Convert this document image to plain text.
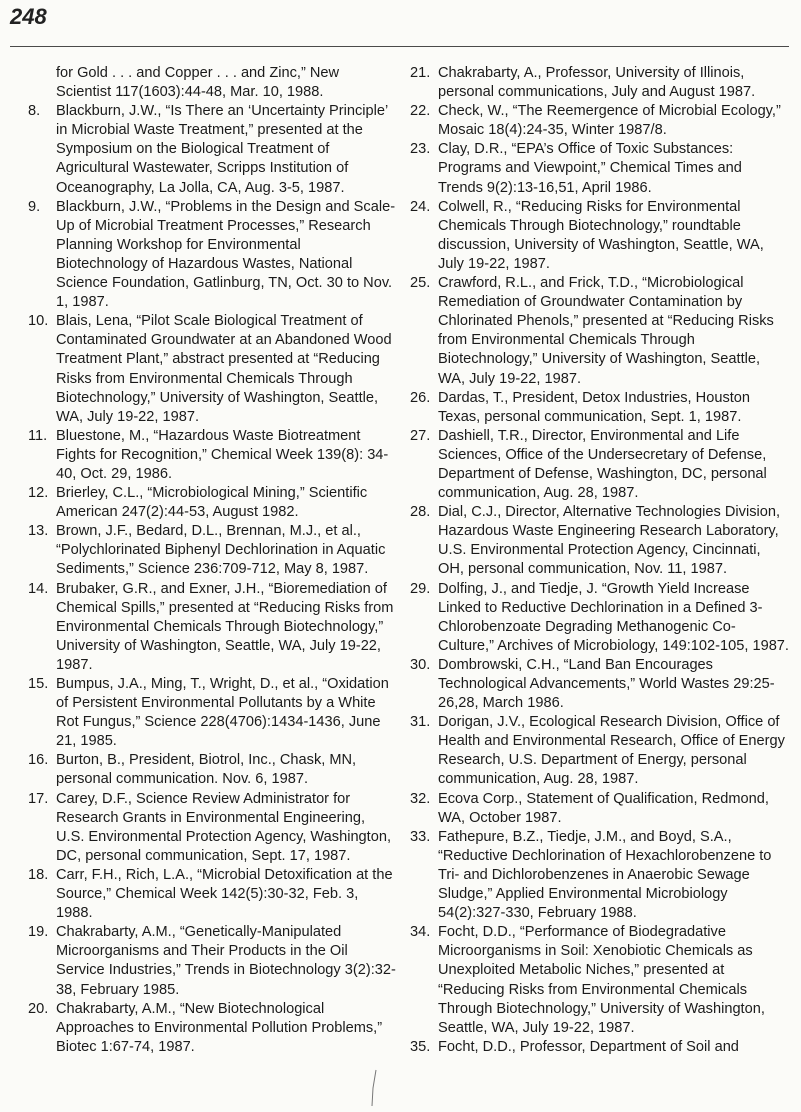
248
for Gold . . . and Copper . . . and Zinc,” New Scientist 117(1603):44-48, Mar. 10, 1988.
8.	Blackburn, J.W., “Is There an ‘Uncertainty Principle’ in Microbial Waste Treatment,” presented at the Symposium on the Biological Treatment of Agricultural Wastewater, Scripps Institution of Oceanography, La Jolla, CA, Aug. 3-5, 1987.
9.	Blackburn, J.W., “Problems in the Design and Scale-Up of Microbial Treatment Processes,” Research Planning Workshop for Environmental Biotechnology of Hazardous Wastes, National Science Foundation, Gatlinburg, TN, Oct. 30 to Nov. 1, 1987.
10. Blais, Lena, “Pilot Scale Biological Treatment of Contaminated Groundwater at an Abandoned Wood Treatment Plant,” abstract presented at “Reducing Risks from Environmental Chemicals Through Biotechnology,” University of Washington, Seattle, WA, July 19-22, 1987.
11. Bluestone, M., “Hazardous Waste Biotreatment Fights for Recognition,” Chemical Week 139(8): 34-40, Oct. 29, 1986.
12. Brierley, C.L., “Microbiological Mining,” Scientific American 247(2):44-53, August 1982.
13. Brown, J.F., Bedard, D.L., Brennan, M.J., et al., “Polychlorinated Biphenyl Dechlorination in Aquatic Sediments,” Science 236:709-712, May 8, 1987.
14. Brubaker, G.R., and Exner, J.H., “Bioremediation of Chemical Spills,” presented at “Reducing Risks from Environmental Chemicals Through Biotechnology,” University of Washington, Seattle, WA, July 19-22, 1987.
15. Bumpus, J.A., Ming, T., Wright, D., et al., “Oxidation of Persistent Environmental Pollutants by a White Rot Fungus,” Science 228(4706):1434-1436, June 21, 1985.
16. Burton, B., President, Biotrol, Inc., Chask, MN, personal communication. Nov. 6, 1987.
17. Carey, D.F., Science Review Administrator for Research Grants in Environmental Engineering, U.S. Environmental Protection Agency, Washington, DC, personal communication, Sept. 17, 1987.
18. Carr, F.H., Rich, L.A., “Microbial Detoxification at the Source,” Chemical Week 142(5):30-32, Feb. 3, 1988.
19. Chakrabarty, A.M., “Genetically-Manipulated Microorganisms and Their Products in the Oil Service Industries,” Trends in Biotechnology 3(2):32-38, February 1985.
20. Chakrabarty, A.M., “New Biotechnological Approaches to Environmental Pollution Problems,” Biotec 1:67-74, 1987.
21. Chakrabarty, A., Professor, University of Illinois, personal communications, July and August 1987.
22. Check, W., “The Reemergence of Microbial Ecology,” Mosaic 18(4):24-35, Winter 1987/8.
23. Clay, D.R., “EPA’s Office of Toxic Substances: Programs and Viewpoint,” Chemical Times and Trends 9(2):13-16,51, April 1986.
24. Colwell, R., “Reducing Risks for Environmental Chemicals Through Biotechnology,” roundtable discussion, University of Washington, Seattle, WA, July 19-22, 1987.
25. Crawford, R.L., and Frick, T.D., “Microbiological Remediation of Groundwater Contamination by Chlorinated Phenols,” presented at “Reducing Risks from Environmental Chemicals Through Biotechnology,” University of Washington, Seattle, WA, July 19-22, 1987.
26. Dardas, T., President, Detox Industries, Houston Texas, personal communication, Sept. 1, 1987.
27. Dashiell, T.R., Director, Environmental and Life Sciences, Office of the Undersecretary of Defense, Department of Defense, Washington, DC, personal communication, Aug. 28, 1987.
28. Dial, C.J., Director, Alternative Technologies Division, Hazardous Waste Engineering Research Laboratory, U.S. Environmental Protection Agency, Cincinnati, OH, personal communication, Nov. 11, 1987.
29. Dolfing, J., and Tiedje, J. “Growth Yield Increase Linked to Reductive Dechlorination in a Defined 3-Chlorobenzoate Degrading Methanogenic Co-Culture,” Archives of Microbiology, 149:102-105, 1987.
30. Dombrowski, C.H., “Land Ban Encourages Technological Advancements,” World Wastes 29:25-26,28, March 1986.
31. Dorigan, J.V., Ecological Research Division, Office of Health and Environmental Research, Office of Energy Research, U.S. Department of Energy, personal communication, Aug. 28, 1987.
32. Ecova Corp., Statement of Qualification, Redmond, WA, October 1987.
33. Fathepure, B.Z., Tiedje, J.M., and Boyd, S.A., “Reductive Dechlorination of Hexachlorobenzene to Tri- and Dichlorobenzenes in Anaerobic Sewage Sludge,” Applied Environmental Microbiology 54(2):327-330, February 1988.
34. Focht, D.D., “Performance of Biodegradative Microorganisms in Soil: Xenobiotic Chemicals as Unexploited Metabolic Niches,” presented at “Reducing Risks from Environmental Chemicals Through Biotechnology,” University of Washington, Seattle, WA, July 19-22, 1987.
35. Focht, D.D., Professor, Department of Soil and
